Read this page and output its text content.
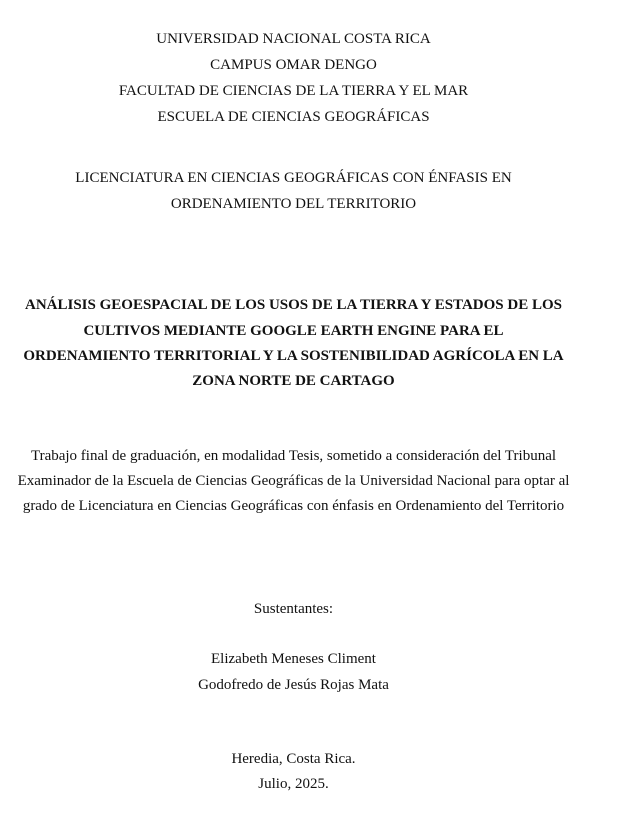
UNIVERSIDAD NACIONAL COSTA RICA
CAMPUS OMAR DENGO
FACULTAD DE CIENCIAS DE LA TIERRA Y EL MAR
ESCUELA DE CIENCIAS GEOGRÁFICAS
LICENCIATURA EN CIENCIAS GEOGRÁFICAS CON ÉNFASIS EN
ORDENAMIENTO DEL TERRITORIO
ANÁLISIS GEOESPACIAL DE LOS USOS DE LA TIERRA Y ESTADOS DE LOS
CULTIVOS MEDIANTE GOOGLE EARTH ENGINE PARA EL
ORDENAMIENTO TERRITORIAL Y LA SOSTENIBILIDAD AGRÍCOLA EN LA
ZONA NORTE DE CARTAGO
Trabajo final de graduación, en modalidad Tesis, sometido a consideración del Tribunal
Examinador de la Escuela de Ciencias Geográficas de la Universidad Nacional para optar al
grado de Licenciatura en Ciencias Geográficas con énfasis en Ordenamiento del Territorio
Sustentantes:
Elizabeth Meneses Climent
Godofredo de Jesús Rojas Mata
Heredia, Costa Rica.
Julio, 2025.
